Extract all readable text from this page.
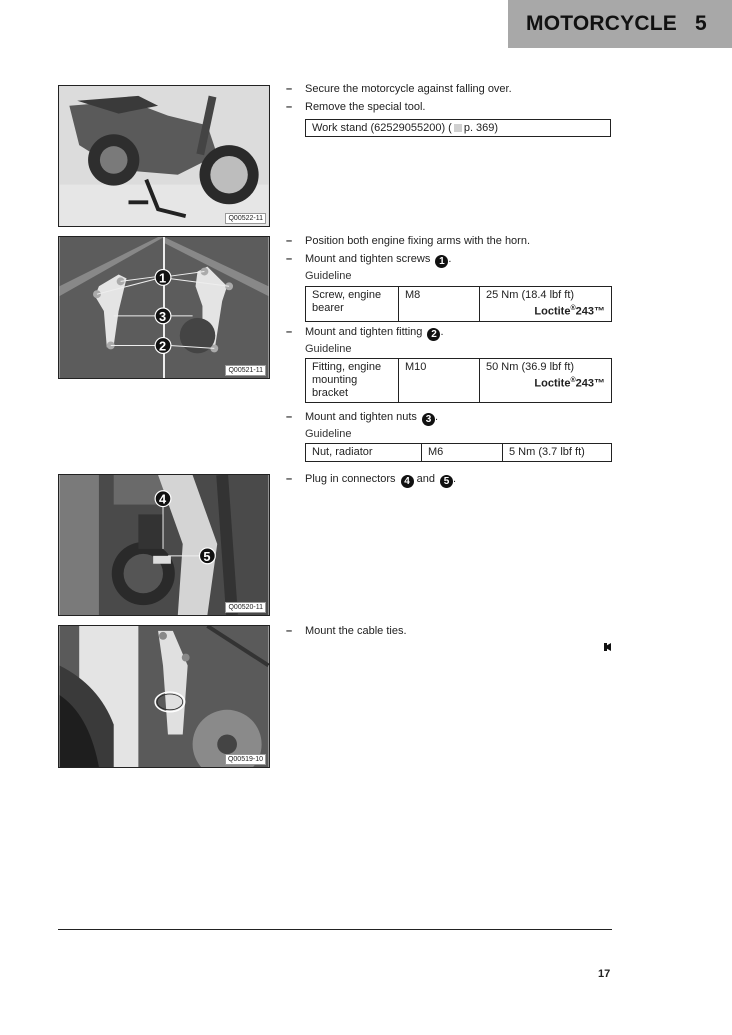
MOTORCYCLE 5
Q00522-11
1
3
2
Q00521-11
4
5
Q00520-11
Q00519-10
–	Secure the motorcycle against falling over.
–	Remove the special tool.
Work stand (62529055200) ( p. 369)
–	Position both engine fixing arms with the horn.
–	Mount and tighten screws 1 .
Guideline
Screw, engine bearer	M8	25 Nm (18.4 lbf ft)
Loctite®243™
–	Mount and tighten fitting 2 .
Guideline
Fitting, engine mounting bracket	M10	50 Nm (36.9 lbf ft)
Loctite®243™
–	Mount and tighten nuts 3 .
Guideline
Nut, radiator	M6	5 Nm (3.7 lbf ft)
–	Plug in connectors 4 and 5 .
–	Mount the cable ties.
17
